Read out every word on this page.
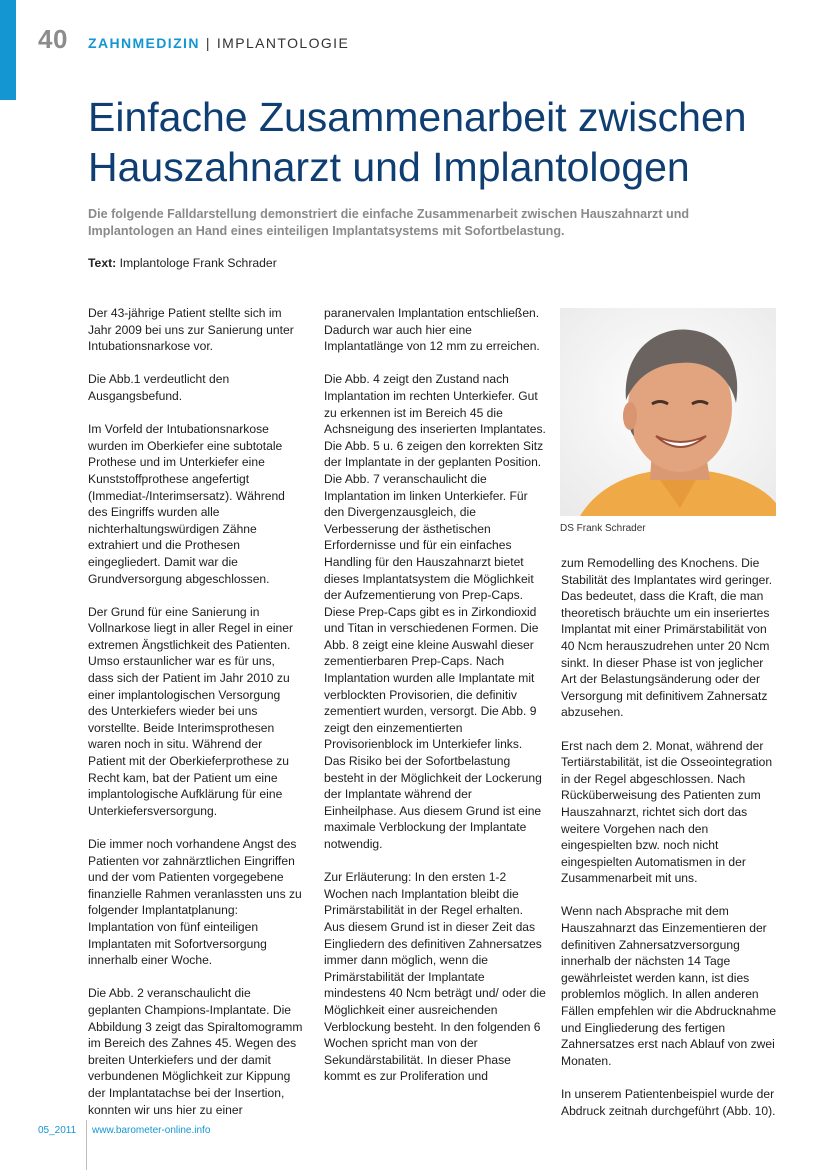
40 ZAHNMEDIZIN | IMPLANTOLOGIE
Einfache Zusammenarbeit zwischen
Hauszahnarzt und Implantologen
Die folgende Falldarstellung demonstriert die einfache Zusammenarbeit zwischen Hauszahnarzt und Implantologen an Hand eines einteiligen Implantatsystems mit Sofortbelastung.
Text: Implantologe Frank Schrader

Der 43-jährige Patient stellte sich im Jahr 2009 bei uns zur Sanierung unter Intubationsnarkose vor.

Die Abb.1 verdeutlicht den Ausgangsbefund.

Im Vorfeld der Intubationsnarkose wurden im Oberkiefer eine subtotale Prothese und im Unterkiefer eine Kunststoffprothese angefertigt (Immediat-/Interimsersatz). Während des Eingriffs wurden alle nichterhaltungswürdigen Zähne extrahiert und die Prothesen eingegliedert. Damit war die Grundversorgung abgeschlossen.

Der Grund für eine Sanierung in Vollnarkose liegt in aller Regel in einer extremen Ängstlichkeit des Patienten. Umso erstaunlicher war es für uns, dass sich der Patient im Jahr 2010 zu einer implantologischen Versorgung des Unterkiefers wieder bei uns vorstellte. Beide Interimsprothesen waren noch in situ. Während der Patient mit der Oberkieferprothese zu Recht kam, bat der Patient um eine implantologische Aufklärung für eine Unterkiefersversorgung.

Die immer noch vorhandene Angst des Patienten vor zahnärztlichen Eingriffen und der vom Patienten vorgegebene finanzielle Rahmen veranlassten uns zu folgender Implantatplanung: Implantation von fünf einteiligen Implantaten mit Sofortversorgung innerhalb einer Woche.

Die Abb. 2 veranschaulicht die geplanten Champions-Implantate. Die Abbildung 3 zeigt das Spiraltomogramm im Bereich des Zahnes 45. Wegen des breiten Unterkiefers und der damit verbundenen Möglichkeit zur Kippung der Implantatachse bei der Insertion, konnten wir uns hier zu einer

paranervalen Implantation entschließen. Dadurch war auch hier eine Implantatlänge von 12 mm zu erreichen.

Die Abb. 4 zeigt den Zustand nach Implantation im rechten Unterkiefer. Gut zu erkennen ist im Bereich 45 die Achsneigung des inserierten Implantates. Die Abb. 5 u. 6 zeigen den korrekten Sitz der Implantate in der geplanten Position. Die Abb. 7 veranschaulicht die Implantation im linken Unterkiefer. Für den Divergenzausgleich, die Verbesserung der ästhetischen Erfordernisse und für ein einfaches Handling für den Hauszahnarzt bietet dieses Implantatsystem die Möglichkeit der Aufzementierung von Prep-Caps. Diese Prep-Caps gibt es in Zirkondioxid und Titan in verschiedenen Formen. Die Abb. 8 zeigt eine kleine Auswahl dieser zementierbaren Prep-Caps. Nach Implantation wurden alle Implantate mit verblockten Provisorien, die definitiv zementiert wurden, versorgt. Die Abb. 9 zeigt den einzementierten Provisorienblock im Unterkiefer links. Das Risiko bei der Sofortbelastung besteht in der Möglichkeit der Lockerung der Implantate während der Einheilphase. Aus diesem Grund ist eine maximale Verblockung der Implantate notwendig.

Zur Erläuterung: In den ersten 1-2 Wochen nach Implantation bleibt die Primärstabilität in der Regel erhalten. Aus diesem Grund ist in dieser Zeit das Eingliedern des definitiven Zahnersatzes immer dann möglich, wenn die Primärstabilität der Implantate mindestens 40 Ncm beträgt und/ oder die Möglichkeit einer ausreichenden Verblockung besteht. In den folgenden 6 Wochen spricht man von der Sekundärstabilität. In dieser Phase kommt es zur Proliferation und

DS Frank Schrader

zum Remodelling des Knochens. Die Stabilität des Implantates wird geringer. Das bedeutet, dass die Kraft, die man theoretisch bräuchte um ein inseriertes Implantat mit einer Primärstabilität von 40 Ncm herauszudrehen unter 20 Ncm sinkt. In dieser Phase ist von jeglicher Art der Belastungsänderung oder der Versorgung mit definitivem Zahnersatz abzusehen.

Erst nach dem 2. Monat, während der Tertiärstabilität, ist die Osseointegration in der Regel abgeschlossen. Nach Rücküberweisung des Patienten zum Hauszahnarzt, richtet sich dort das weitere Vorgehen nach den eingespielten bzw. noch nicht eingespielten Automatismen in der Zusammenarbeit mit uns.

Wenn nach Absprache mit dem Hauszahnarzt das Einzementieren der definitiven Zahnersatzversorgung innerhalb der nächsten 14 Tage gewährleistet werden kann, ist dies problemlos möglich. In allen anderen Fällen empfehlen wir die Abdrucknahme und Eingliederung des fertigen Zahnersatzes erst nach Ablauf von zwei Monaten.

In unserem Patientenbeispiel wurde der Abdruck zeitnah durchgeführt (Abb. 10).

05_2011 www.barometer-online.info
